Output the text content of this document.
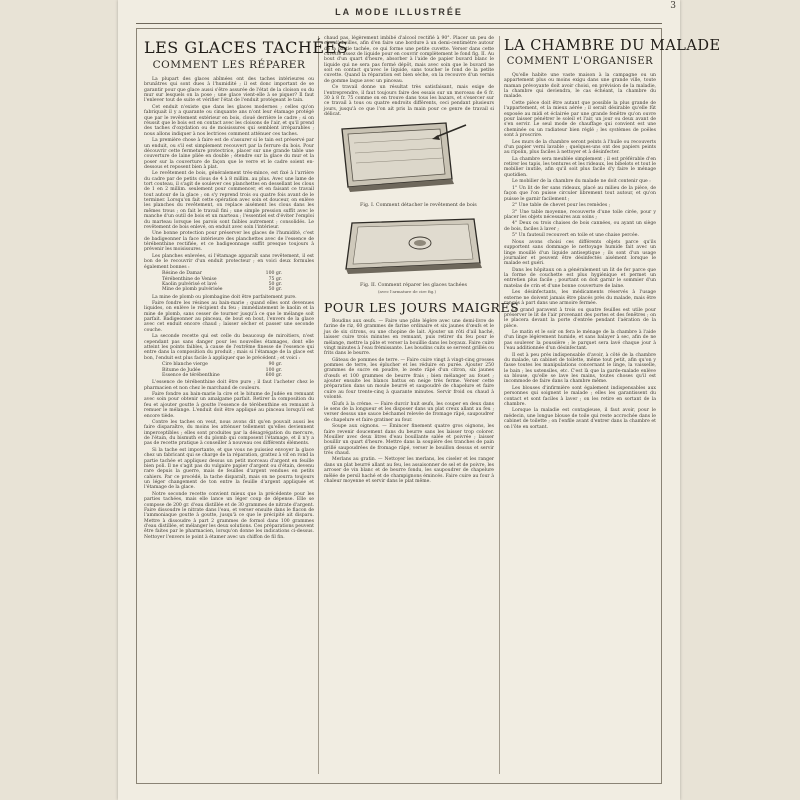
LA MODE ILLUSTRÉE
3
LES GLACES TACHÉES
COMMENT LES RÉPARER

La plupart des glaces abîmées ont des taches intérieures ou brunâtres qui sont dues à l'humidité ; il est donc important de se garantir pour que glace aussi s'être assurée de l'état de la cloison ou du mur sur lesquels on la pose ; une glace vient-elle à se piquer? Il faut l'enlever tout de suite et vérifier l'état de l'enduit protégeant le tain.

Cet enduit n'existe que dans les glaces modernes ; celles qu'on fabriquait il y a quarante ou cinquante ans n'ont leur étamage protégé que par le revêtement extérieur en bois, cloué derrière le cadre ; si on réussit que le bois est en contact avec les cloisons de l'air, et qu'il prend des taches d'oxydation ou de moisissures qui semblent irréparables ; nous allons indiquer à nos lectrices comment atténuer ces taches.

La première chose à faire est de s'assurer si le tain est préservé par un enduit, ou s'il est simplement recouvert par la ferrure du bois. Pour découvrir cette fermeture protectrice, placer sur une grande table une couverture de laine pliée en double ; étendre sur la glace du mur et la poser sur la couverture de façon que le verre et le cadre soient en-dessous et reposent bien à plat.

Le revêtement de bois, généralement très-mince, est fixé à l'arrière du cadre par de petits clous de 4 à 8 millim. au plus. Avec une lame de tort couteau, il s'agit de soulever ces planchettes en dessellant les clous de 1 en 2 millim. seulement pour commencer, et en faisant ce travail tout autour de la glace ; on s'y reprend trois ou quatre fois avant de le terminer. Lorsqu'on fait cette opération avec soin et douceur, on enlève les planches du revêtement, on replace aisément les clous dans les mêmes trous ; on fait le travail fini ; une simple pression suffit avec le manche d'un outil de bois et un marteau ; l'essentiel est d'éviter l'emploi du marteau lorsque les parois sont faibles autrement ; consolidés. Le revêtement de bois enlevé, on enduit avec soin l'intérieur.

Une bonne protection pour préserver les glaces de l'humidité, c'est de badigeonner la face intérieure des planchettes avec de l'essence de térébenthine rectifiée, et ce badigeonnage suffit presque toujours à prévenir les moisissures.

Les planches enlevées, si l'étamage apparaît sans revêtement, il est bon de le recouvrir d'un enduit protecteur ; en voici deux formules également bonnes :

Résine de Damar	100 gr.
Térébenthine de Venise	75 gr.
Kaolin pulvérisé et lavé	50 gr.
Mine de plomb pulvérisée	50 gr.

La mine de plomb ou plombagine doit être parfaitement pure.

Faire fondre les résines au bain-marie ; quand elles sont devenues liquides, on enlève le récipient du feu ; immédiatement le kaolin et la mine de plomb, sans cesser de tourner jusqu'à ce que le mélange soit parfait. Badigeonner au pinceau, de bout en bout, l'envers de la glace avec cet enduit encore chaud ; laisser sécher et passer une seconde couche.

La seconde recette qui est celle du beaucoup de miroitiers, n'est cependant pas sans danger pour les nouvelles étamages, dont elle atteint les points faibles, à cause de l'extrême finesse de l'essence qui entre dans la composition du produit ; mais si l'étamage de la glace est bon, l'enduit est plus facile à appliquer que le précédent ; et voici :

Cire blanche vierge	90 gr.
Bitume de Judée	100 gr.
Essence de térébenthine	600 gr.

L'essence de térébenthine doit être pure ; il faut l'acheter chez le pharmacien et non chez le marchand de couleurs.

Faire fondre au bain-marie la cire et le bitume de Judée en remuant avec soin pour obtenir un amalgame parfait. Retirer la composition du feu et ajouter goutte à goutte l'essence de térébenthine en remuant à remuer le mélange. L'enduit doit être appliqué au pinceau lorsqu'il est encore tiède.

Contre les taches on veut, nous avons dit qu'en pouvait aussi les faire disparaître, du moins les atténuer tellement qu'elles deviennent imperceptibles ; elles sont produites par la désagrégation du mercure, de l'étain, du bismuth et du plomb qui composent l'étamage, et il n'y a pas de recette pratique à conseiller à nouveau ces différents éléments.

Si la tache est importante, et que vous ne puissiez envoyer la glace chez un fabricant qui se charge de la réparation, grattez à vif en rond la partie tachée et appliquez dessus un petit morceau d'argent en feuille bien poli. Il ne s'agit pas du vulgaire papier d'argent ou d'étain, devenu rare depuis la guerre, mais de feuilles d'argent vendues en petits cahiers. Par ce procédé, la tache disparaît, mais on ne pourra toujours un léger changement de ton entre la feuille d'argent appliquée et l'étamage de la glace.

Notre seconde recette convient mieux que la précédente pour les parties tachées, mais elle lance un léger coup de dépense. Elle se compose de 200 gr. d'eau distillée et de 30 grammes de nitrate d'argent. Faire dissoudre le nitrate dans l'eau, et verser ensuite dans le flacon de l'ammoniaque goutte à goutte, jusqu'à ce que le précipité ait disparu. Mettre à dissoudre à part 2 grammes de formol dans 100 grammes d'eau distillée, et mélanger les deux solutions. Ces préparations peuvent être faites par le pharmacien, lorsqu'on donne les indications ci-dessus. Nettoyer l'envers le point à étamer avec un chiffon de fil fin.

chaud pas, légèrement imbibé d'alcool rectifié à 90°. Placer un peu de cire d'abeilles, afin d'en faire une bordure à un demi-centimètre autour de la partie tachée, ce qui forme une petite cuvette. Verser dans cette cuvette assez de liquide pour en couvrir complètement le fond fig. II. Au bout d'un quart d'heure, absorber à l'aide de papier buvard blanc le liquide qui ne sera pas formé dépôt, mais avec soin que le buvard ne soit en contact qu'avec le liquide, sans toucher le fond de la petite cuvette. Quand la réparation est bien sèche, on la recouvre d'un vernis de gomme laque avec un pinceau.

Ce travail donne un résultat très satisfaisant, mais exige de l'entreprendre, il faut toujours faire des essais sur un morceau de 6 fr. 30 à 8 fr. 75 comme on en trouve dans tous les bazars, et s'exercer sur ce travail à tous ou quatre endroits différents, ceci pendant plusieurs jours, jusqu'à ce que l'on ait pris la main pour ce genre de travail si délicat.

Fig. I. Comment détacher le revêtement de bois
Fig. II. Comment réparer les glaces tachées
(avec l'armature de cire fig.)
POUR LES JOURS MAIGRES

Boudins aux œufs. — Faire une pâte légère avec une demi-livre de farine de riz, 60 grammes de farine ordinaire et six jaunes d'œufs et le jus de six citrons, ou une chopine de lait. Ajouter un rôti d'ail haché, laisser cuire trois minutes en remuant, puis retirer du feu pour le mélange, mettre la pâte et verser la bouillie dans les boyaux. Faire cuire vingt minutes à l'eau frémissante. Les boudins cuits se servent grillés ou frits dans le beurre.

Gâteau de pommes de terre. — Faire cuire vingt à vingt-cinq grosses pommes de terre, les éplucher et les réduire en purée. Ajouter 250 grammes de sucre en poudre, le zeste râpé d'un citron, six jaunes d'œufs et 100 grammes de beurre frais ; bien mélanger au fouet ; ajouter ensuite les blancs battus en neige très ferme. Verser cette préparation dans un moule beurré et saupoudré de chapelure et faire cuire au four trente-cinq à quarante minutes. Servir froid ou chaud à volonté.

Œufs à la crème. — Faire durcir huit œufs, les couper en deux dans le sens de la longueur et les disposer dans un plat creux allant au feu ; verser dessus une sauce béchamel relevée de fromage râpé, saupoudrer de chapelure et faire gratiner au four.

Soupe aux oignons. — Émincer finement quatre gros oignons, les faire revenir doucement dans du beurre sans les laisser trop colorer. Mouiller avec deux litres d'eau bouillante salée et poivrée ; laisser bouillir un quart d'heure. Mettre dans la soupière des tranches de pain grillé saupoudrées de fromage râpé, verser le bouillon dessus et servir très chaud.

Merlans au gratin. — Nettoyer les merlans, les ciseler et les ranger dans un plat beurré allant au feu, les assaisonner de sel et de poivre, les arroser de vin blanc et de beurre fondu, les saupoudrer de chapelure mêlée de persil haché et de champignons émincés. Faire cuire au four à chaleur moyenne et servir dans le plat même.

LA CHAMBRE DU MALADE
COMMENT L'ORGANISER

Qu'elle habite une vaste maison à la campagne ou un appartement plus ou moins exigu dans une grande ville, toute maman prévoyante doit avoir choisi, en prévision de la maladie, la chambre qui deviendra, le cas échéant, la chambre du malade.

Cette pièce doit être autant que possible la plus grande de l'appartement, et la mieux aérée ; il serait désirable qu'elle fût exposée au midi et éclairée par une grande fenêtre qu'on ouvre pour laisser pénétrer le soleil et l'air, un jour ou deux avant de s'en servir. Le seul mode de chauffage qui convient est une cheminée ou un radiateur bien réglé ; les systèmes de poêles sont à proscrire.

Les murs de la chambre seront peints à l'huile ou recouverts d'un papier verni lavable ; quelques-uns ont des papiers peints au ripolin, plus faciles à nettoyer et à désinfecter.

La chambre sera meublée simplement ; il est préférable d'en retirer les tapis, les tentures et les rideaux, les bibelots et tout le mobilier inutile, afin qu'il soit plus facile d'y faire le ménage quotidien.

Le mobilier de la chambre du malade ne doit contenir que :

1° Un lit de fer sans rideaux, placé au milieu de la pièce, de façon que l'on puisse circuler librement tout autour, et qu'on puisse le garnir facilement ;

2° Une table de chevet pour les remèdes ;

3° Une table moyenne, recouverte d'une toile cirée, pour y placer les objets nécessaires aux soins ;

4° Deux ou trois chaises de bois cannées, ou ayant un siège de bois, faciles à laver ;

5° Un fauteuil recouvert en toile et une chaise percée.

Nous avons choisi ces différents objets parce qu'ils supportent sans dommage le nettoyage humide fait avec un linge mouillé d'un liquide antiseptique ; ils sont d'un usage journalier et peuvent être désinfectés aisément lorsque le malade est guéri.

Dans les hôpitaux on a généralement un lit de fer parce que la forme de couchette est plus hygiénique et permet un entretien plus facile ; pourtant on doit garnir le sommier d'un matelas de crin et d'une bonne couverture de laine.

Les désinfectants, les médicaments réservés à l'usage externe ne doivent jamais être placés près du malade, mais être rangés à part dans une armoire fermée.

Le grand paravent à trois ou quatre feuilles est utile pour préserver le lit de l'air provenant des portes et des fenêtres ; on le placera devant la porte d'entrée pendant l'aération de la pièce.

Le matin et le soir on fera le ménage de la chambre à l'aide d'un linge légèrement humide, et sans balayer à sec, afin de ne pas soulever la poussière ; le parquet sera lavé chaque jour à l'eau additionnée d'un désinfectant.

Il est à peu près indispensable d'avoir, à côté de la chambre du malade, un cabinet de toilette, même tout petit, afin qu'on y fasse toutes les manipulations concernant le linge, la vaisselle, le bain ; les ustensiles, etc. C'est là que la garde-malade enlève sa blouse, qu'elle se lave les mains, toutes choses qu'il est incommode de faire dans la chambre même.

Les blouses d'infirmière sont également indispensables aux personnes qui soignent le malade ; elles les garantissent du contact et sont faciles à laver ; on les retire en sortant de la chambre.

Lorsque la maladie est contagieuse, il faut avoir, pour le médecin, une longue blouse de toile qui reste accrochée dans le cabinet de toilette ; on l'enfile avant d'entrer dans la chambre et on l'ôte en sortant.
